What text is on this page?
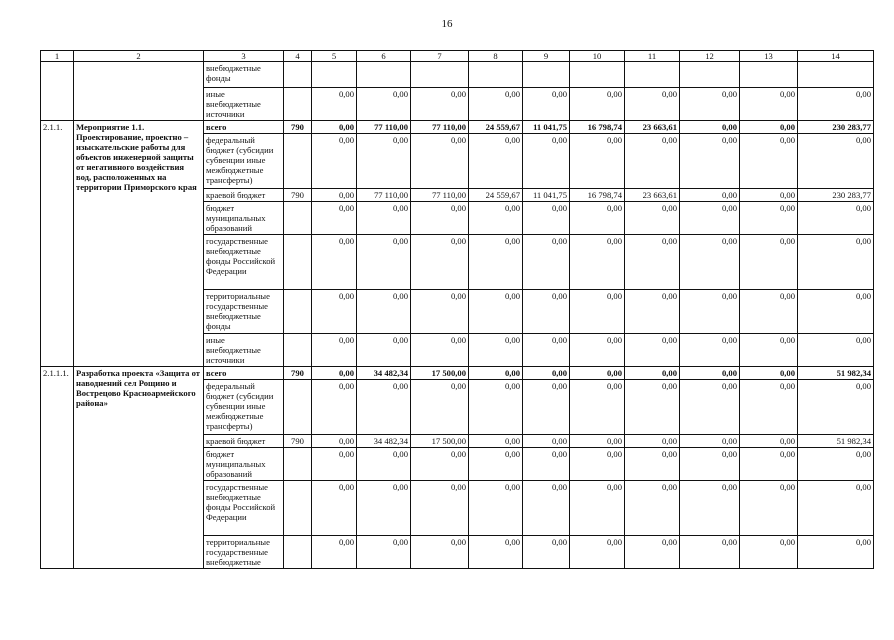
16
1	2	3	4	5	6	7	8	9	10	11	12	13	14
		внебюджетные фонды											
		иные внебюджетные источники		0,00	0,00	0,00	0,00	0,00	0,00	0,00	0,00	0,00	0,00
2.1.1.	Мероприятие 1.1. Проектирование, проектно – изыскательские работы для объектов инженерной защиты от негативного воздействия вод, расположенных на территории Приморского края	всего	790	0,00	77 110,00	77 110,00	24 559,67	11 041,75	16 798,74	23 663,61	0,00	0,00	230 283,77
		федеральный бюджет (субсидии субвенции иные межбюджетные трансферты)		0,00	0,00	0,00	0,00	0,00	0,00	0,00	0,00	0,00	0,00
		краевой бюджет	790	0,00	77 110,00	77 110,00	24 559,67	11 041,75	16 798,74	23 663,61	0,00	0,00	230 283,77
		бюджет муниципальных образований		0,00	0,00	0,00	0,00	0,00	0,00	0,00	0,00	0,00	0,00
		государственные внебюджетные фонды Российской Федерации		0,00	0,00	0,00	0,00	0,00	0,00	0,00	0,00	0,00	0,00
		территориальные государственные внебюджетные фонды		0,00	0,00	0,00	0,00	0,00	0,00	0,00	0,00	0,00	0,00
		иные внебюджетные источники		0,00	0,00	0,00	0,00	0,00	0,00	0,00	0,00	0,00	0,00
2.1.1.1.	Разработка проекта «Защита от наводнений сел Рощино и Вострецово Красноармейского района»	всего	790	0,00	34 482,34	17 500,00	0,00	0,00	0,00	0,00	0,00	0,00	51 982,34
		федеральный бюджет (субсидии субвенции иные межбюджетные трансферты)		0,00	0,00	0,00	0,00	0,00	0,00	0,00	0,00	0,00	0,00
		краевой бюджет	790	0,00	34 482,34	17 500,00	0,00	0,00	0,00	0,00	0,00	0,00	51 982,34
		бюджет муниципальных образований		0,00	0,00	0,00	0,00	0,00	0,00	0,00	0,00	0,00	0,00
		государственные внебюджетные фонды Российской Федерации		0,00	0,00	0,00	0,00	0,00	0,00	0,00	0,00	0,00	0,00
		территориальные государственные внебюджетные		0,00	0,00	0,00	0,00	0,00	0,00	0,00	0,00	0,00	0,00
